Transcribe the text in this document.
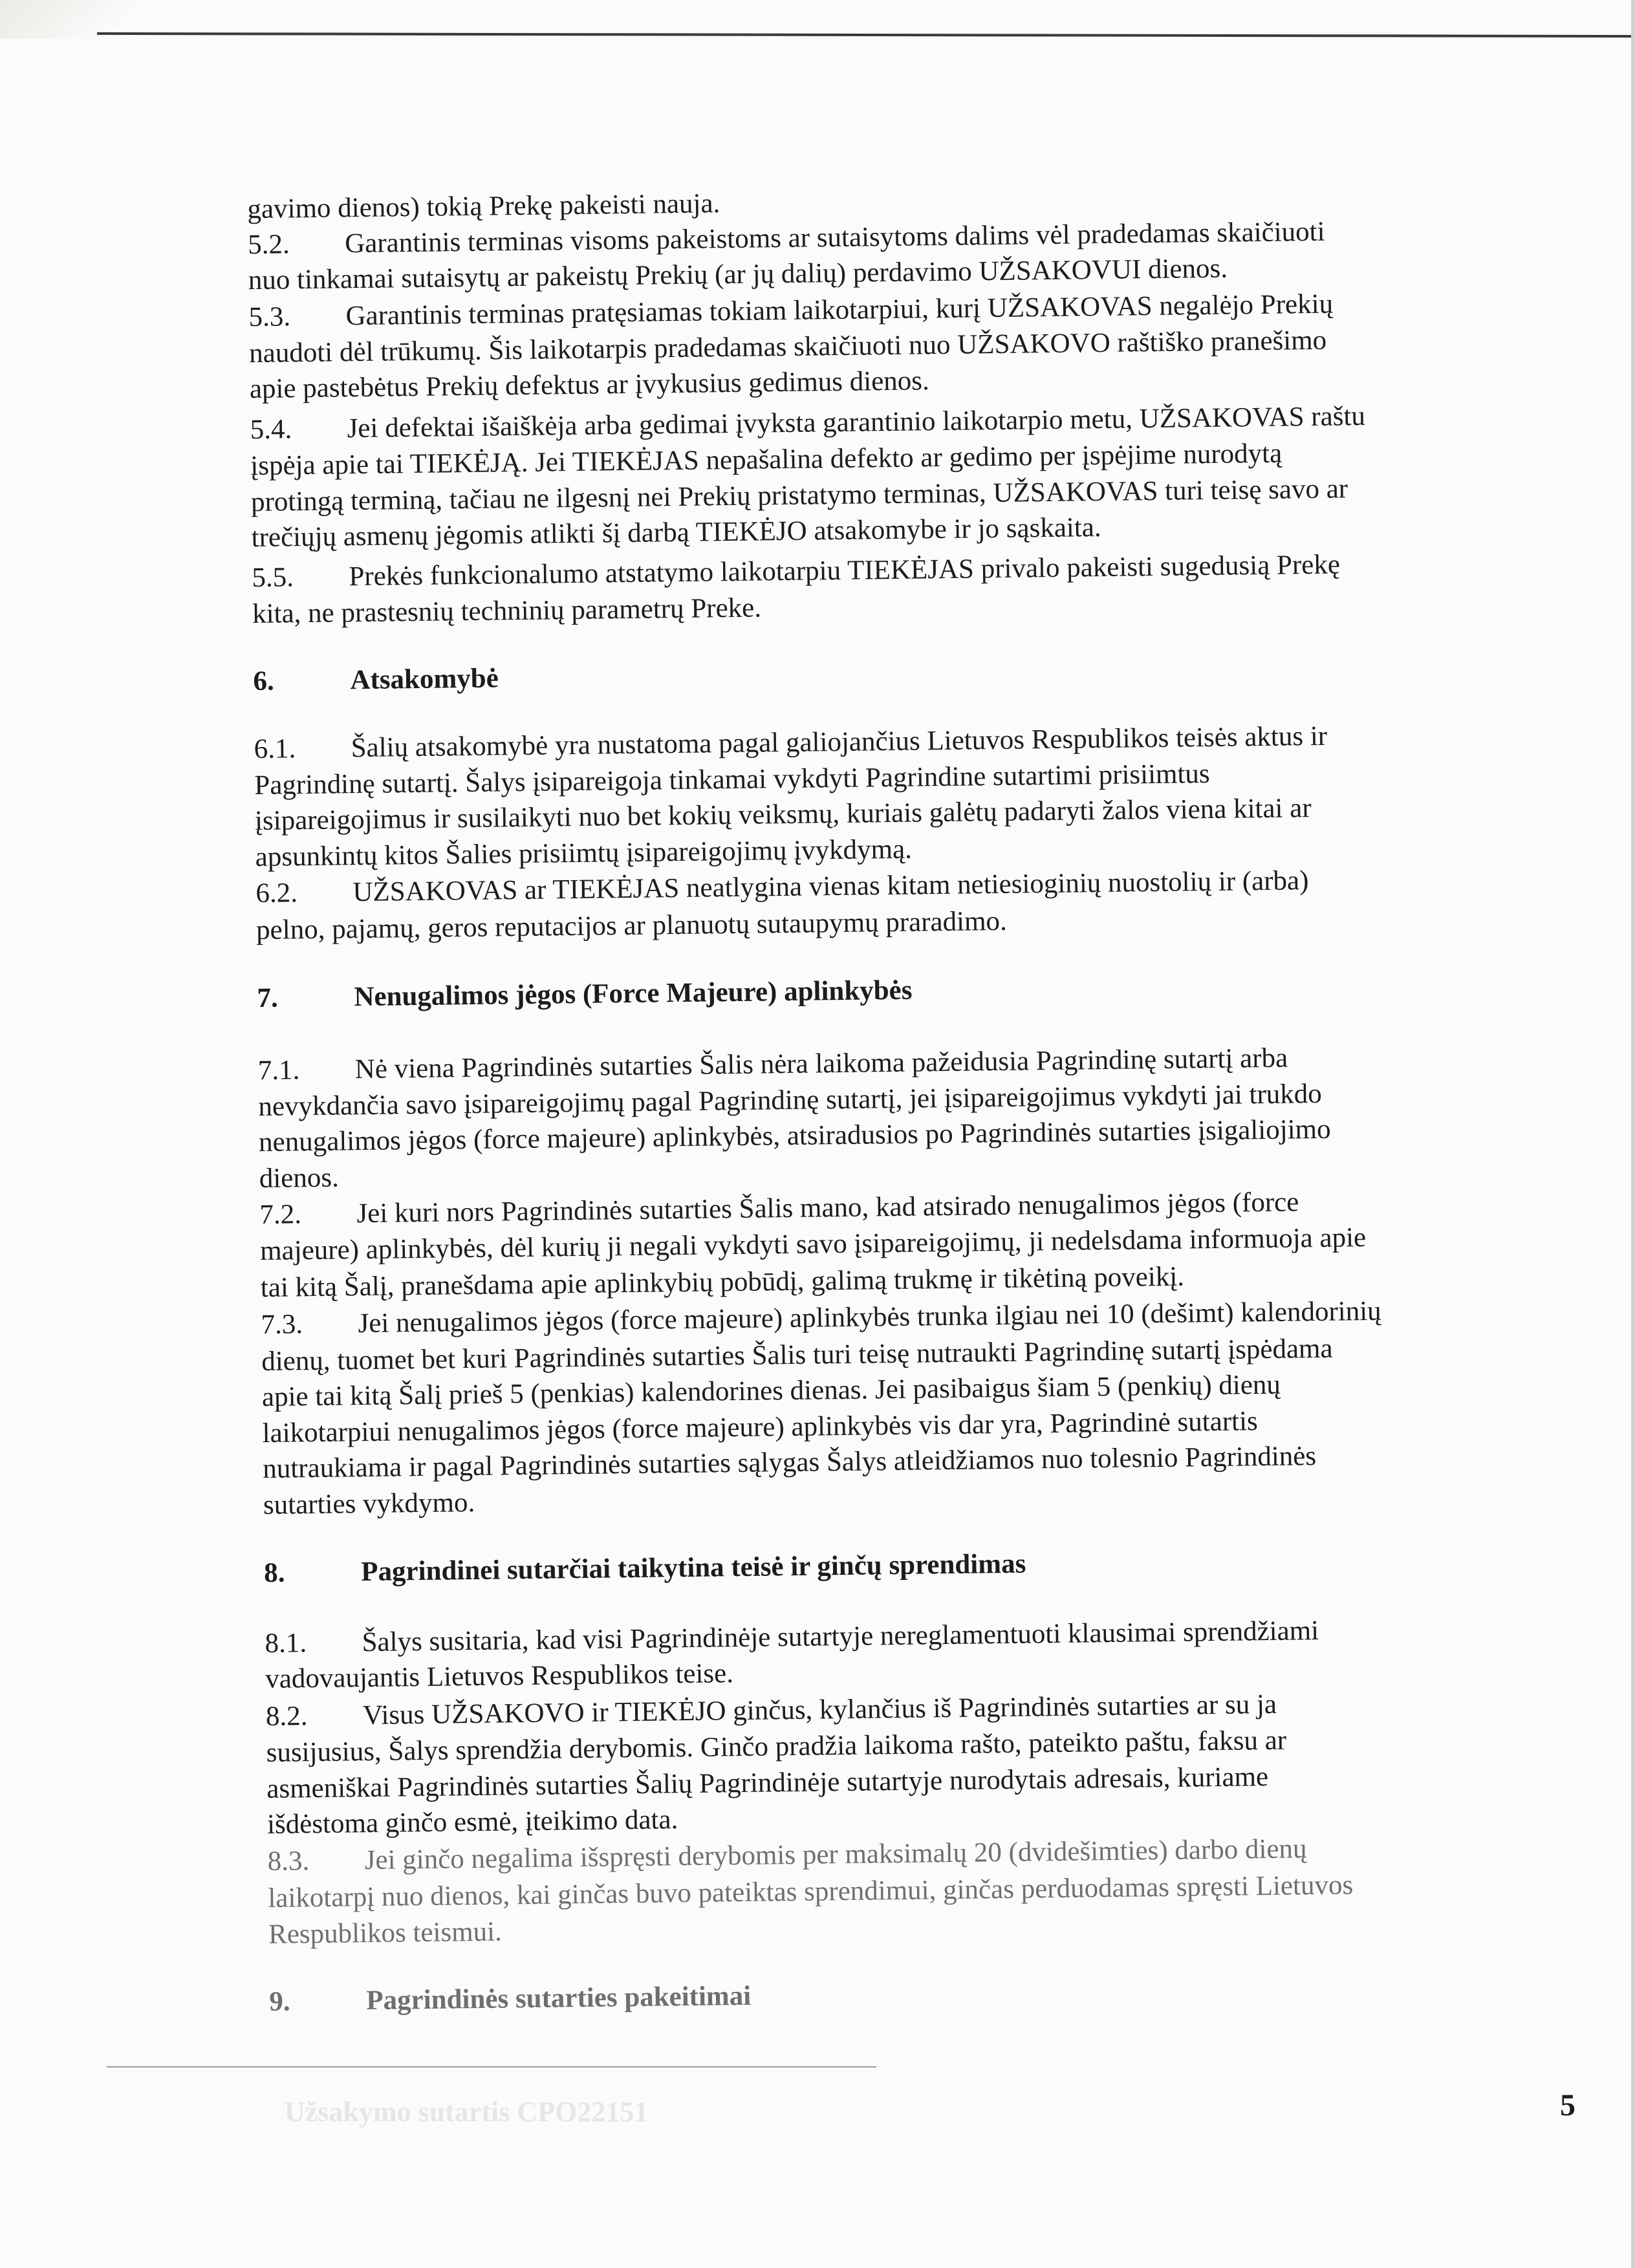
gavimo dienos) tokią Prekę pakeisti nauja.
5.2. Garantinis terminas visoms pakeistoms ar sutaisytoms dalims vėl pradedamas skaičiuoti
nuo tinkamai sutaisytų ar pakeistų Prekių (ar jų dalių) perdavimo UŽSAKOVUI dienos.
5.3. Garantinis terminas pratęsiamas tokiam laikotarpiui, kurį UŽSAKOVAS negalėjo Prekių
naudoti dėl trūkumų. Šis laikotarpis pradedamas skaičiuoti nuo UŽSAKOVO raštiško pranešimo
apie pastebėtus Prekių defektus ar įvykusius gedimus dienos.
5.4. Jei defektai išaiškėja arba gedimai įvyksta garantinio laikotarpio metu, UŽSAKOVAS raštu
įspėja apie tai TIEKĖJĄ. Jei TIEKĖJAS nepašalina defekto ar gedimo per įspėjime nurodytą
protingą terminą, tačiau ne ilgesnį nei Prekių pristatymo terminas, UŽSAKOVAS turi teisę savo ar
trečiųjų asmenų jėgomis atlikti šį darbą TIEKĖJO atsakomybe ir jo sąskaita.
5.5. Prekės funkcionalumo atstatymo laikotarpiu TIEKĖJAS privalo pakeisti sugedusią Prekę
kita, ne prastesnių techninių parametrų Preke.
6.	Atsakomybė
6.1. Šalių atsakomybė yra nustatoma pagal galiojančius Lietuvos Respublikos teisės aktus ir
Pagrindinę sutartį. Šalys įsipareigoja tinkamai vykdyti Pagrindine sutartimi prisiimtus
įsipareigojimus ir susilaikyti nuo bet kokių veiksmų, kuriais galėtų padaryti žalos viena kitai ar
apsunkintų kitos Šalies prisiimtų įsipareigojimų įvykdymą.
6.2. UŽSAKOVAS ar TIEKĖJAS neatlygina vienas kitam netiesioginių nuostolių ir (arba)
pelno, pajamų, geros reputacijos ar planuotų sutaupymų praradimo.
7.	Nenugalimos jėgos (Force Majeure) aplinkybės
7.1. Nė viena Pagrindinės sutarties Šalis nėra laikoma pažeidusia Pagrindinę sutartį arba
nevykdančia savo įsipareigojimų pagal Pagrindinę sutartį, jei įsipareigojimus vykdyti jai trukdo
nenugalimos jėgos (force majeure) aplinkybės, atsiradusios po Pagrindinės sutarties įsigaliojimo
dienos.
7.2. Jei kuri nors Pagrindinės sutarties Šalis mano, kad atsirado nenugalimos jėgos (force
majeure) aplinkybės, dėl kurių ji negali vykdyti savo įsipareigojimų, ji nedelsdama informuoja apie
tai kitą Šalį, pranešdama apie aplinkybių pobūdį, galimą trukmę ir tikėtiną poveikį.
7.3. Jei nenugalimos jėgos (force majeure) aplinkybės trunka ilgiau nei 10 (dešimt) kalendorinių
dienų, tuomet bet kuri Pagrindinės sutarties Šalis turi teisę nutraukti Pagrindinę sutartį įspėdama
apie tai kitą Šalį prieš 5 (penkias) kalendorines dienas. Jei pasibaigus šiam 5 (penkių) dienų
laikotarpiui nenugalimos jėgos (force majeure) aplinkybės vis dar yra, Pagrindinė sutartis
nutraukiama ir pagal Pagrindinės sutarties sąlygas Šalys atleidžiamos nuo tolesnio Pagrindinės
sutarties vykdymo.
8.	Pagrindinei sutarčiai taikytina teisė ir ginčų sprendimas
8.1. Šalys susitaria, kad visi Pagrindinėje sutartyje nereglamentuoti klausimai sprendžiami
vadovaujantis Lietuvos Respublikos teise.
8.2. Visus UŽSAKOVO ir TIEKĖJO ginčus, kylančius iš Pagrindinės sutarties ar su ja
susijusius, Šalys sprendžia derybomis. Ginčo pradžia laikoma rašto, pateikto paštu, faksu ar
asmeniškai Pagrindinės sutarties Šalių Pagrindinėje sutartyje nurodytais adresais, kuriame
išdėstoma ginčo esmė, įteikimo data.
8.3. Jei ginčo negalima išspręsti derybomis per maksimalų 20 (dvidešimties) darbo dienų
laikotarpį nuo dienos, kai ginčas buvo pateiktas sprendimui, ginčas perduodamas spręsti Lietuvos
Respublikos teismui.
9.	Pagrindinės sutarties pakeitimai
Užsakymo sutartis CPO22151	5
